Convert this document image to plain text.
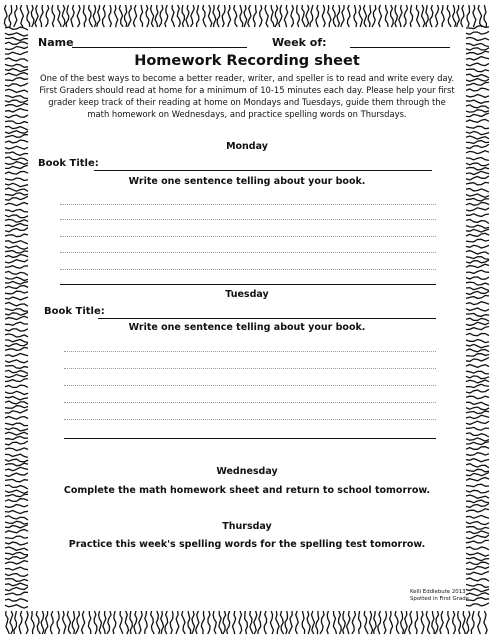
Name	Week of:
Homework Recording sheet
One of the best ways to become a better reader, writer, and speller is to read and write every day. First Graders should read at home for a minimum of 10-15 minutes each day. Please help your first grader keep track of their reading at home on Mondays and Tuesdays, guide them through the math homework on Wednesdays, and practice spelling words on Thursdays.
Monday
Book Title:
Write one sentence telling about your book.
Tuesday
Book Title:
Write one sentence telling about your book.
Wednesday
Complete the math homework sheet and return to school tomorrow.
Thursday
Practice this week's spelling words for the spelling test tomorrow.
Kelli Eddlebute 2013
Spotted in First Grade
